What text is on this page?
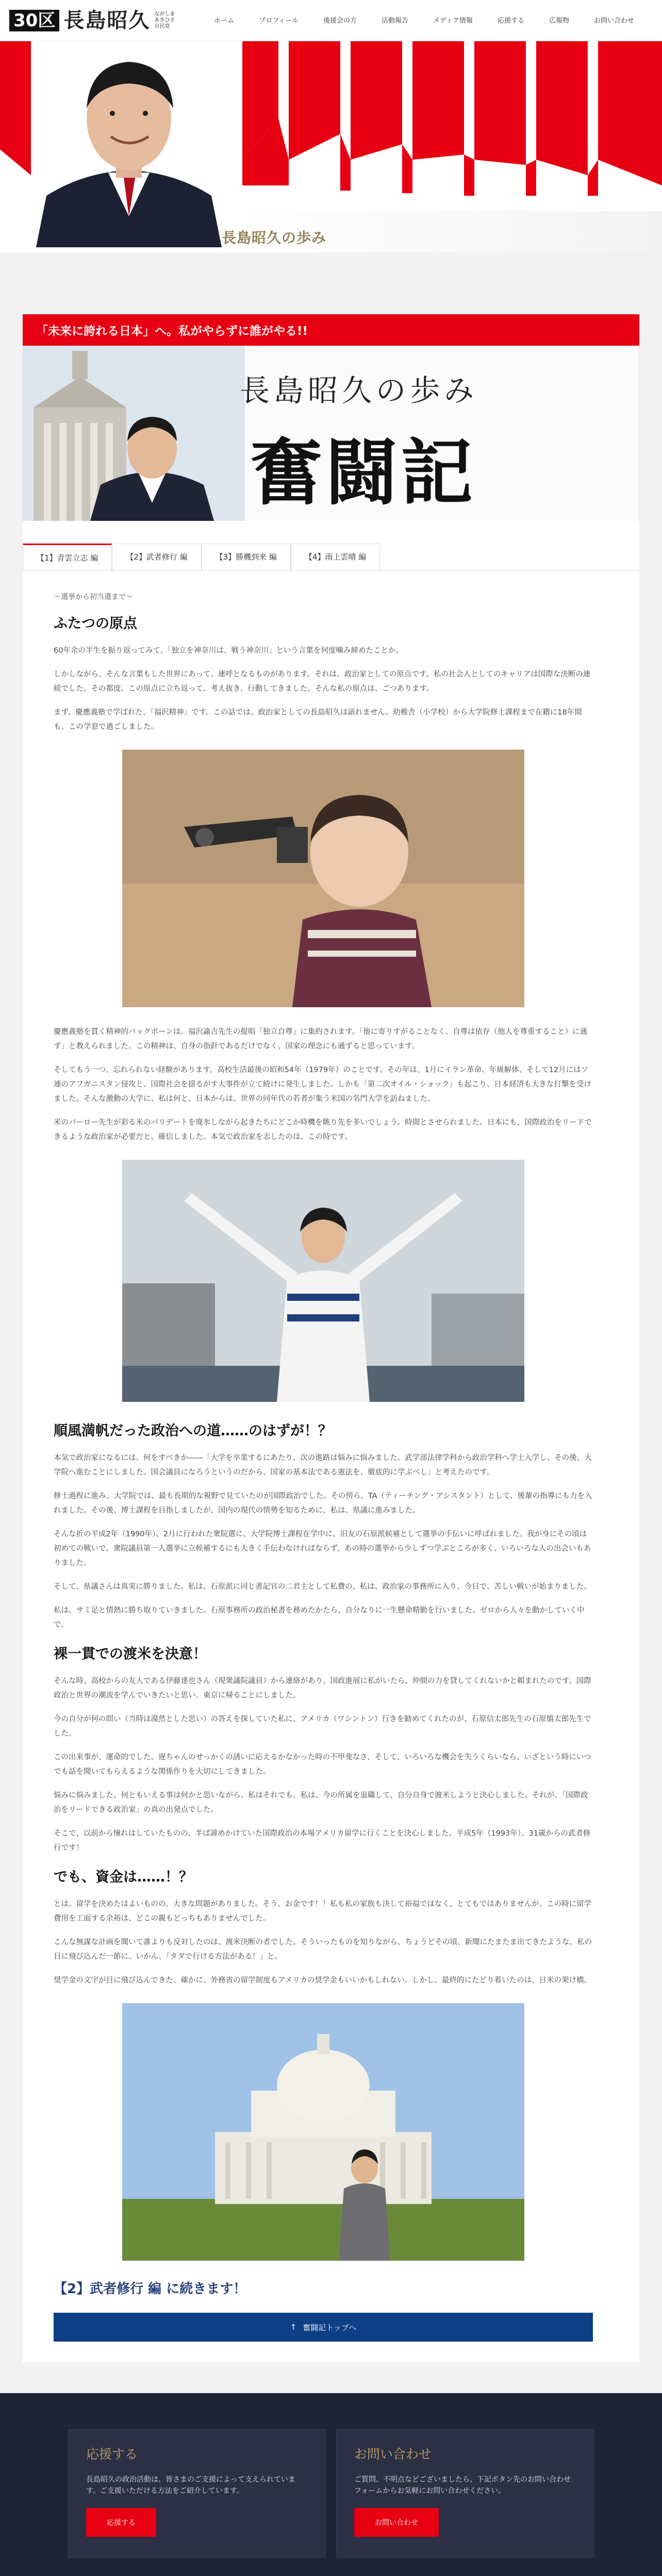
30区 長島昭久 ながしま
あきひさ
自民党
ホーム	プロフィール	後援会の方	活動報告	メディア情報	応援する	広報物	お問い合わせ
長島昭久の歩み
「未来に誇れる日本」へ。私がやらずに誰がやる!!
長島昭久の歩み
奮闘記
【1】青雲立志 編	【2】武者修行 編	【3】勝機到来 編	【4】雨上雲晴 編
～選挙から初当選まで～
ふたつの原点

60年余の半生を振り返ってみて、「独立を神奈川は、戦う神奈川」という言葉を何度噛み締めたことか。

しかしながら、そんな言葉もした世界にあって、連呼となるものがあります。それは、政治家としての原点です。私の社会人としてのキャリアは国際な決断の連続でした。その都度、この原点に立ち返って、考え抜き、行動してきました。そんな私の原点は、ごつあります。

まず、慶應義塾で学ばれた、「福沢精神」です。この話では、政治家としての長島昭久は語れません。幼稚舎（小学校）から大学院修士課程まで在籍に18年間も、この学窓で過ごしました。

慶應義塾を貫く精神的バックボーンは、福沢諭吉先生の提唱「独立自尊」に集約されます。「他に寄りすがることなく、自尊は依存（他人を尊重すること）に通ず」と教えられました。この精神は、自身の指針であるだけでなく、国家の理念にも通ずると思っています。

そしてもう一つ、忘れられない経験があります。高校生活最後の昭和54年（1979年）のことです。その年は、1月にイラン革命、年級解体、そして12月にはソ連のアフガニスタン侵攻と、国際社会を揺るがす大事件が立て続けに発生しました。しかも「第二次オイル・ショック」も起こり、日本経済も大きな打撃を受けました。そんな激動の大学に、私は何と、日本からは、世界の同年代の若者が集う米国の名門大学を訪ねました。

米のバーロー先生が彩る米のパリデートを廃氷しながら起きたちにどこか時機を眺り先を多いでしょう。時間とさせられました。日本にも、国際政治をリードできるような政治家が必要だと、確信しました。本気で政治家を志したのは、この時です。

順風満帆だった政治への道……のはずが！？

本気で政治家になるには、何をすべきか――「大学を卒業するにあたり、次の進路は悩みに悩みました。武学部法律学科から政治学科へ学士入学し、その後、大学院へ進むことにしました。国会議員になろうというのだから、国家の基本法である憲法を、徹底的に学ぶべし」と考えたのです。

修士過程に進み、大学院では、最も長期的な視野で見ていたのが国際政治でした。その傍ら、TA（ティーチング・アシスタント）として、後輩の指導にも力を入れました。その後、博士課程を目指しましたが、国内の現代の情勢を知るために、私は、県議に進みました。

そんな折の平成2年（1990年）、2月に行われた衆院選に、大学院博士課程在学中に、旧友の石原派候補として選挙の手伝いに呼ばれました。我が身にその頃は初めての戦いで、衆院議員第一人選挙に立候補するにも大きく手伝わなければならず、あの時の選挙から少しずつ学ぶところが多く、いろいろな人の出会いもありました。

そして、県議さんは真実に勝りました。私は、石原派に同じ書記官の二君主として私費の、私は、政治家の事務所に入り、今日で、苦しい戦いが始まりました。

私は、サミ足と情熱に勝ち取りていきました。石原事務所の政治秘書を務めたかたら、自分なりに一生懸命精勤を行いました。ゼロから人々を動かしていく中で。

裸一貫での渡米を決意！

そんな時、高校からの友人である伊藤達也さん（現衆議院議員）から連絡があり、国政進展に私がいたら、仲間の力を貸してくれないかと頼まれたのです。国際政治と世界の潮流を学んでいきたいと思い、東京に帰ることにしました。

今の自分が何の問い（当時は漠然とした思い）の答えを探していた私に、アメリカ（ワシントン）行きを勧めてくれたのが、石原信太郎先生の石原慎太郎先生でした。

この出来事が、運命的でした。遅ちゃんのせっかくの誘いに応えるかなかった時の不甲斐なさ、そして、いろいろな機会を失うくらいなら、いざという時にいつでも話を聞いてもらえるような関係作りを大切にしてきました。

悩みに悩みました。何ともいえる事は何かと思いながら、私はそれでも、私は、今の所属を退職して、自分自身で渡米しようと決心しました。それが、「国際政治をリードできる政治家」の真の出発点でした。

そこで、以前から憧れはしていたものの、半ば諦めかけていた国際政治の本場アメリカ留学に行くことを決心しました。平成5年（1993年）、31歳からの武者修行です！

でも、資金は……！？

とは、留学を決めたはよいものの、大きな問題がありました。そう、お金です！！私も私の家族も決して裕福ではなく、とてもではありませんが、この時に留学費用を工面する余裕は、どこの親もどっちもありませんでした。

こんな無謀な計画を聞いて誰よりも反対したのは、渡米決断の者でした。そういったものを知りながら、ちょうどその頃、新聞にたまたま出てきたような、私の目に飛び込んだ一節に、いかん、「タダで行ける方法がある！」と。

奨学金の文字が目に飛び込んできた、確かに、外務省の留学制度もアメリカの奨学金もいいかもしれない。しかし、最終的にたどり着いたのは、日米の架け橋。

【2】武者修行 編 に続きます！
↑ 奮闘記トップへ
応援する

長島昭久の政治活動は、皆さまのご支援によって支えられています。ご支援いただける方法をご紹介しています。

応援する
お問い合わせ

ご質問、不明点などございましたら、下記ボタン先のお問い合わせフォームからお気軽にお問い合わせください。

お問い合わせ
